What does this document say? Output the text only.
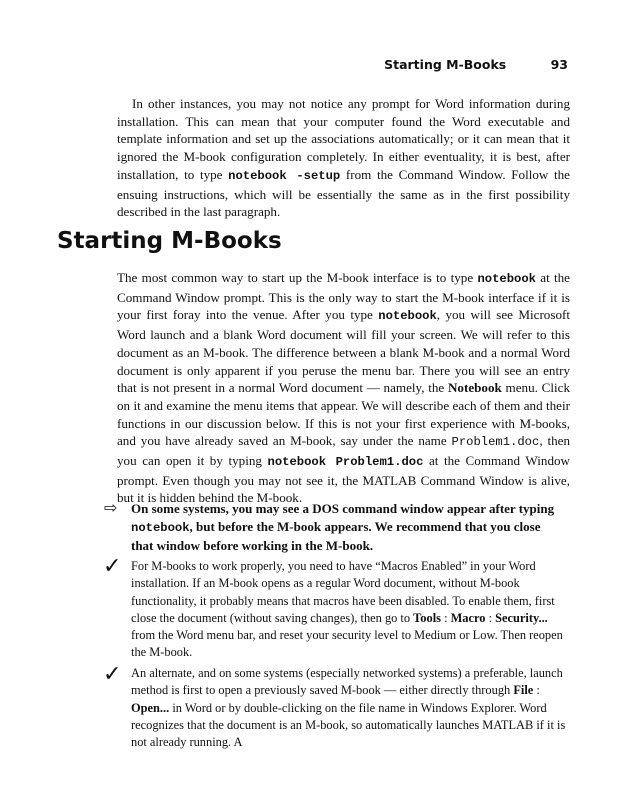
Starting M-Books	93

In other instances, you may not notice any prompt for Word information during installation. This can mean that your computer found the Word executable and template information and set up the associations automatically; or it can mean that it ignored the M-book configuration completely. In either eventuality, it is best, after installation, to type notebook -setup from the Command Window. Follow the ensuing instructions, which will be essentially the same as in the first possibility described in the last paragraph.

Starting M-Books

The most common way to start up the M-book interface is to type notebook at the Command Window prompt. This is the only way to start the M-book interface if it is your first foray into the venue. After you type notebook, you will see Microsoft Word launch and a blank Word document will fill your screen. We will refer to this document as an M-book. The difference between a blank M-book and a normal Word document is only apparent if you peruse the menu bar. There you will see an entry that is not present in a normal Word document — namely, the Notebook menu. Click on it and examine the menu items that appear. We will describe each of them and their functions in our discussion below. If this is not your first experience with M-books, and you have already saved an M-book, say under the name Problem1.doc, then you can open it by typing notebook Problem1.doc at the Command Window prompt. Even though you may not see it, the MATLAB Command Window is alive, but it is hidden behind the M-book.

⇨ On some systems, you may see a DOS command window appear after typing notebook, but before the M-book appears. We recommend that you close that window before working in the M-book.

✓ For M-books to work properly, you need to have “Macros Enabled” in your Word installation. If an M-book opens as a regular Word document, without M-book functionality, it probably means that macros have been disabled. To enable them, first close the document (without saving changes), then go to Tools : Macro : Security... from the Word menu bar, and reset your security level to Medium or Low. Then reopen the M-book.

✓ An alternate, and on some systems (especially networked systems) a preferable, launch method is first to open a previously saved M-book — either directly through File : Open... in Word or by double-clicking on the file name in Windows Explorer. Word recognizes that the document is an M-book, so automatically launches MATLAB if it is not already running. A
